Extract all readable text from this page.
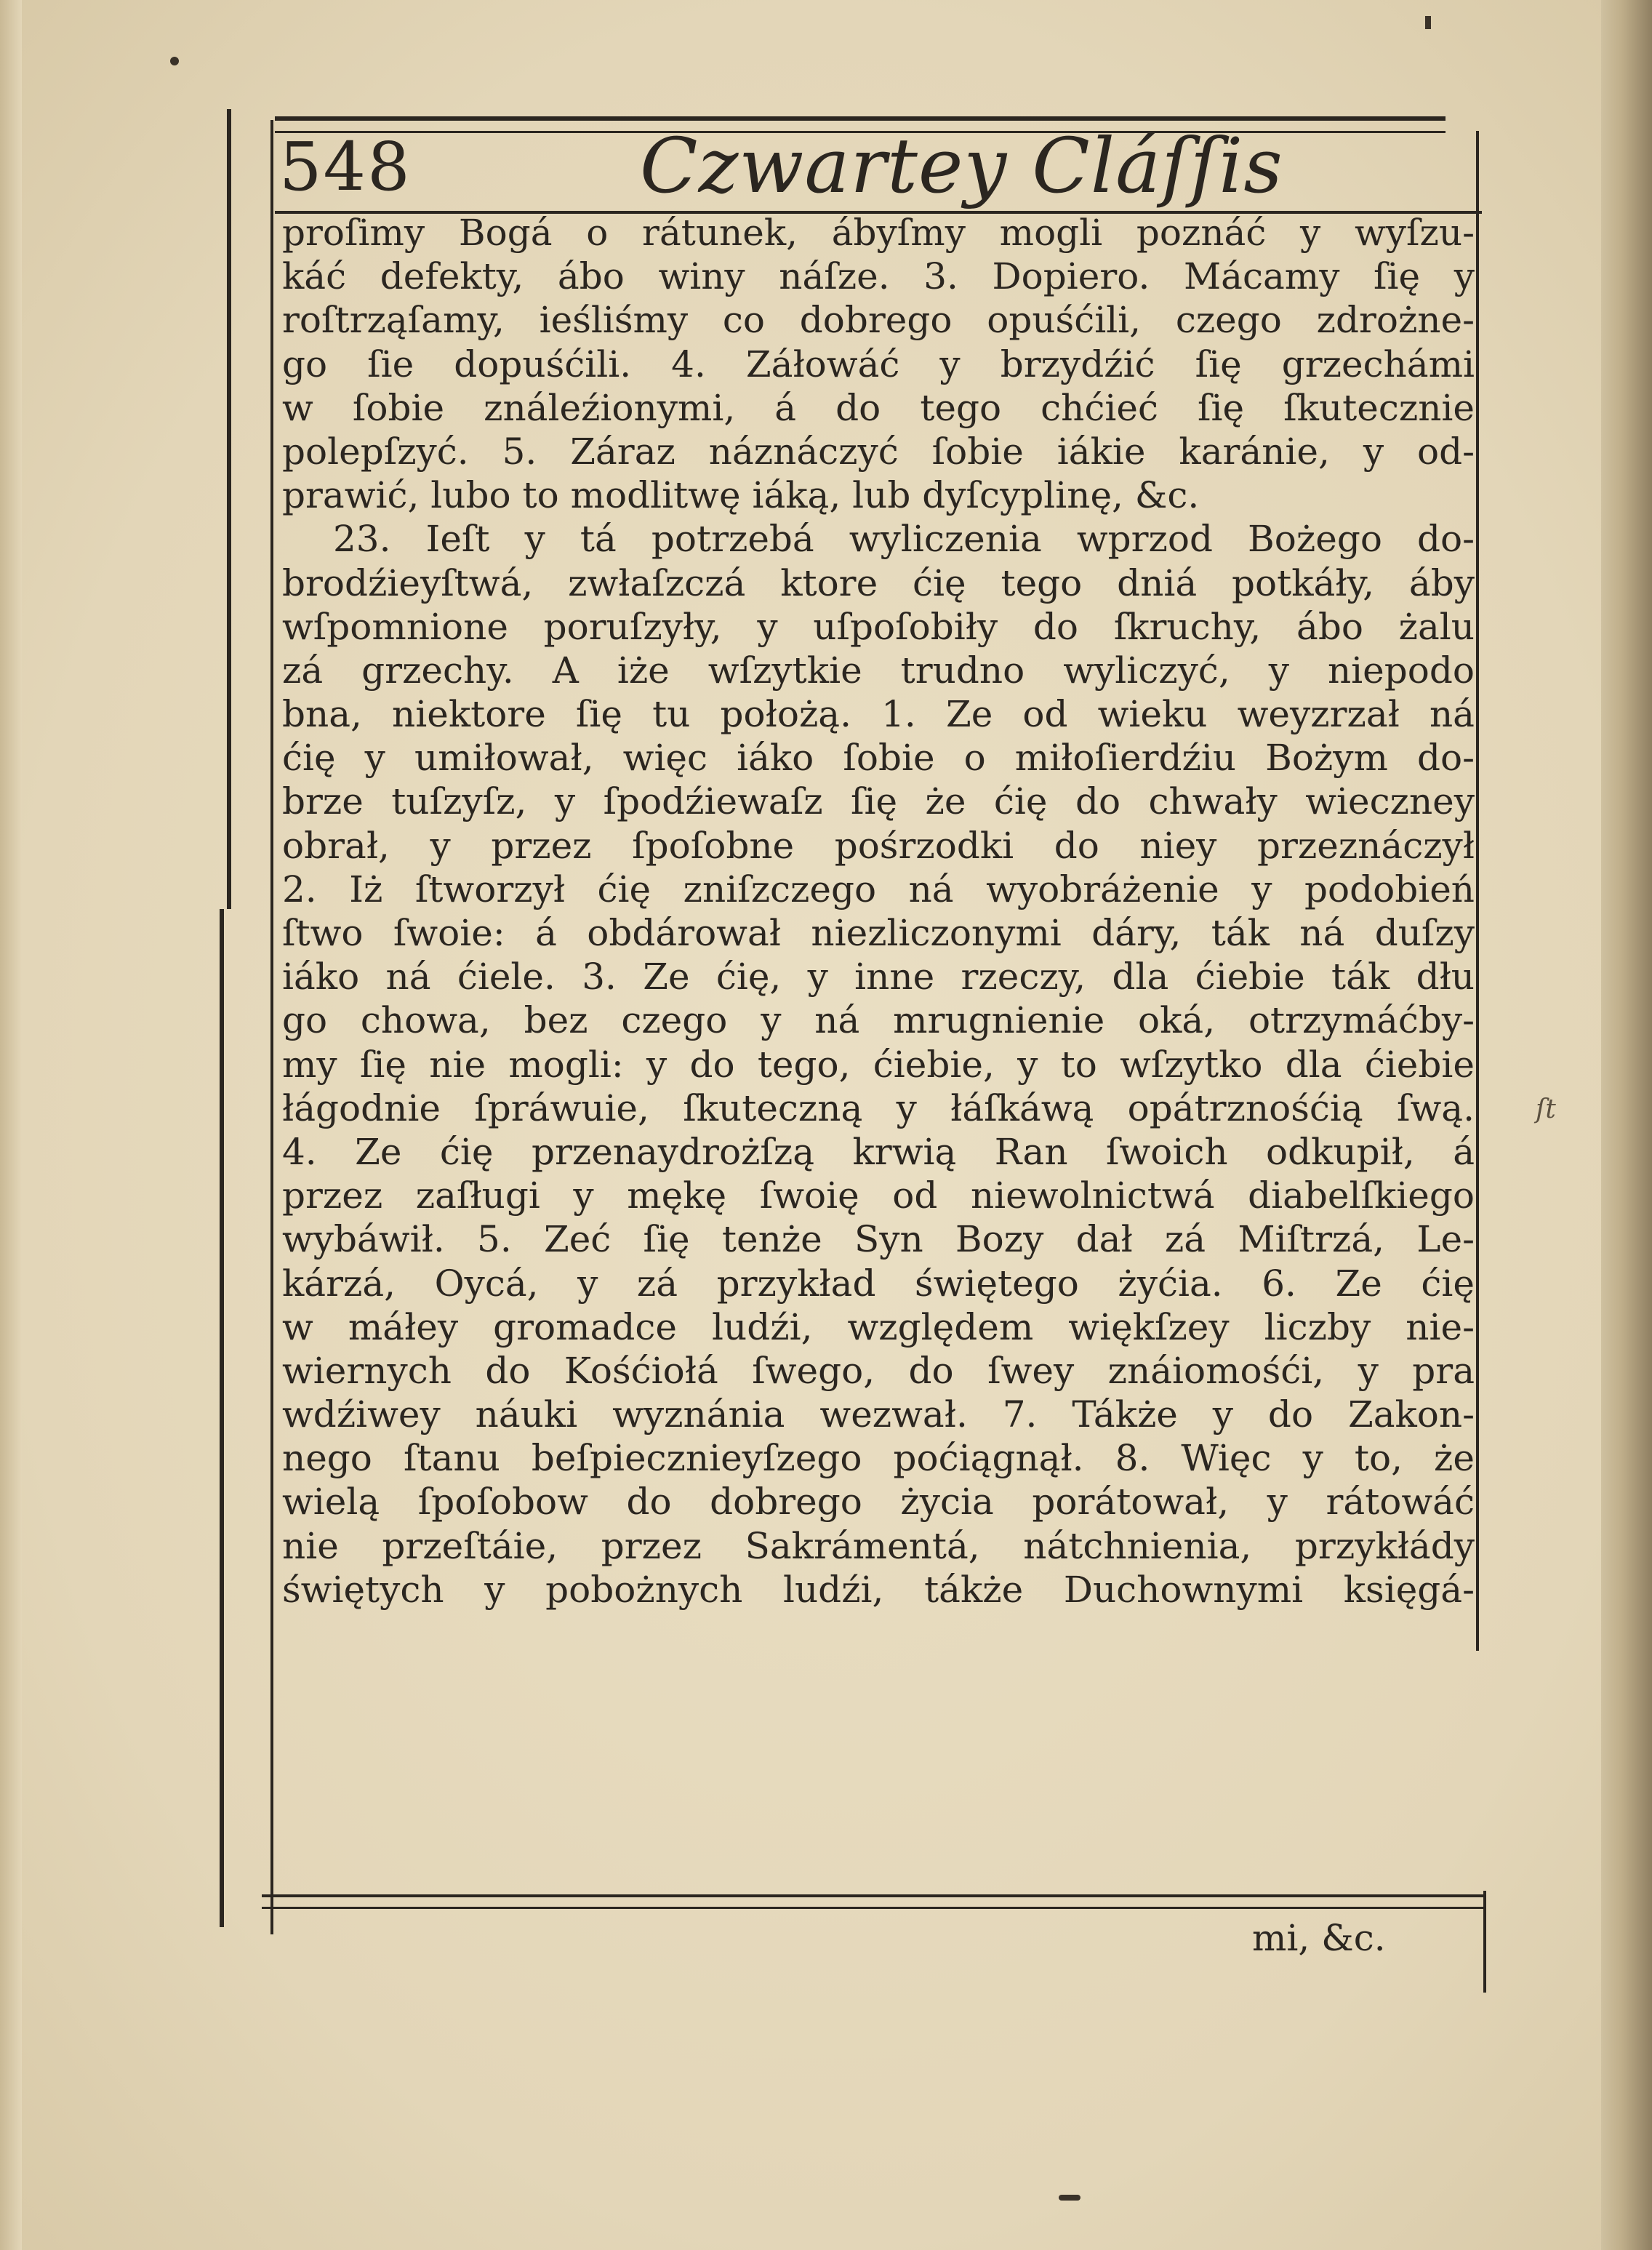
548	Czwartey Cláſſis
proſimy Bogá o rátunek, ábyſmy mogli poznáć y wyſzu-
káć defekty, ábo winy náſze. 3. Dopiero. Mácamy ſię y
roſtrząſamy, ieśliśmy co dobrego opuśćili, czego zdrożne-
go ſie dopuśćili. 4. Záłowáć y brzydźić ſię grzechámi
w ſobie ználeźionymi, á do tego chćieć ſię ſkutecznie
polepſzyć. 5. Záraz náznáczyć ſobie iákie karánie, y od-
prawić, lubo to modlitwę iáką, lub dyſcyplinę, &c.
23. Ieſt y tá potrzebá wyliczenia wprzod Bożego do-
brodźieyſtwá, zwłaſzczá ktore ćię tego dniá potkáły, áby
wſpomnione poruſzyły, y uſpoſobiły do ſkruchy, ábo żalu
zá grzechy. A iże wſzytkie trudno wyliczyć, y niepodo
bna, niektore ſię tu położą. 1. Ze od wieku weyzrzał ná
ćię y umiłował, więc iáko ſobie o miłoſierdźiu Bożym do-
brze tuſzyſz, y ſpodźiewaſz ſię że ćię do chwały wieczney
obrał, y przez ſpoſobne pośrzodki do niey przeznáczył
2. Iż ſtworzył ćię zniſzczego ná wyobráżenie y podobień
ſtwo ſwoie: á obdárował niezliczonymi dáry, ták ná duſzy
iáko ná ćiele. 3. Ze ćię, y inne rzeczy, dla ćiebie ták dłu
go chowa, bez czego y ná mrugnienie oká, otrzymáćby-
my ſię nie mogli: y do tego, ćiebie, y to wſzytko dla ćiebie
łágodnie ſpráwuie, ſkuteczną y łáſkáwą opátrznośćią ſwą.
4. Ze ćię przenaydrożſzą krwią Ran ſwoich odkupił, á
przez zaſługi y mękę ſwoię od niewolnictwá diabelſkiego
wybáwił. 5. Zeć ſię tenże Syn Bozy dał zá Miſtrzá, Le-
kárzá, Oycá, y zá przykład świętego żyćia. 6. Ze ćię
w máłey gromadce ludźi, względem więkſzey liczby nie-
wiernych do Kośćiołá ſwego, do ſwey znáiomośći, y pra
wdźiwey náuki wyznánia wezwał. 7. Tákże y do Zakon-
nego ſtanu beſpiecznieyſzego poćiągnął. 8. Więc y to, że
wielą ſpoſobow do dobrego życia porátował, y rátowáć
nie przeſtáie, przez Sakrámentá, nátchnienia, przykłády
świętych y pobożnych ludźi, tákże Duchownymi księgá-
mi, &c.
ſt
